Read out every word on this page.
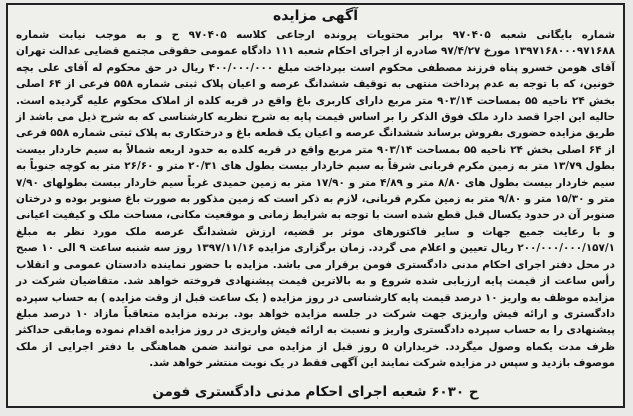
آگهی مزایده

شماره بایگانی شعبه ۹۷۰۴۰۵ برابر محتویات پرونده ارجاعی کلاسه ۹۷۰۴۰۵ ح و به موجب نیابت شماره ۱۳۹۷۱۶۸۰۰۰۹۷۱۶۸۸ مورخ ۹۷/۴/۲۷ صادره از اجرای احکام شعبه ۱۱۱ دادگاه عمومی حقوقی مجتمع قضایی عدالت تهران آقای هومن خسرو پناه فرزند مصطفی محکوم است بپرداخت مبلغ ۴۰۰/۰۰۰/۰۰۰ ریال در حق محکوم له آقای علی بچه خونین، که با توجه به عدم پرداخت منتهی به توقیف ششدانگ عرصه و اعیان پلاک ثبتی شماره ۵۵۸ فرعی از ۶۴ اصلی بخش ۲۴ ناحیه ۵۵ بمساحت ۹۰۳/۱۴ متر مربع دارای کاربری باغ واقع در قریه کلده از املاک محکوم علیه گردیده است. حالیه این اجرا قصد دارد ملک فوق الذکر را بر اساس قیمت پایه به شرح نظریه کارشناسی که به شرح ذیل می باشد از طریق مزایده حضوری بفروش برساند ششدانگ عرصه و اعیان یک قطعه باغ و درختکاری به پلاک ثبتی شماره ۵۵۸ فرعی از ۶۴ اصلی بخش ۲۴ ناحیه ۵۵ بمساحت ۹۰۳/۱۴ متر مربع واقع در قریه کلده به حدود اربعه شمالاً به سیم خاردار بیست بطول ۱۳/۷۹ متر به زمین مکرم قربانی شرقاً به سیم خاردار بیست بطول های ۲۰/۳۱ متر و ۲۶/۶۰ متر به کوچه جنوباً به سیم خاردار بیست بطول های ۸/۸۰ متر و ۴/۸۹ متر و ۱۷/۹۰ متر به زمین حمیدی غرباً سیم خاردار بیست بطولهای ۷/۹۰ متر و ۱۵/۳۰ متر و ۹/۸۰ متر به زمین مکرم قربانی، لازم به ذکر است که زمین مذکور به صورت باغ صنوبر بوده و درختان صنوبر آن در حدود یکسال قبل قطع شده است با توجه به شرایط زمانی و موقعیت مکانی، مساحت ملک و کیفیت اعیانی و با رعایت جمیع جهات و سایر فاکتورهای موثر بر قضیه، ارزش ششدانگ عرصه ملک مورد نظر به مبلغ ۲۰۰/۰۰۰/۰۰۰/۱۵۷/۱ ریال تعیین و اعلام می گردد. زمان برگزاری مزایده ۱۳۹۷/۱۱/۱۶ روز سه شنبه ساعت ۹ الی ۱۰ صبح در محل دفتر اجرای احکام مدنی دادگستری فومن برقرار می باشد. مزایده با حضور نماینده دادستان عمومی و انقلاب رأس ساعت از قیمت پایه ارزیابی شده شروع و به بالاترین قیمت پیشنهادی فروخته خواهد شد. متقاضیان شرکت در مزایده موظف به واریز ۱۰ درصد قیمت پایه کارشناسی در روز مزایده ( یک ساعت قبل از وقت مزایده ) به حساب سپرده دادگستری و ارائه فیش واریزی جهت شرکت در جلسه مزایده خواهد بود. برنده مزایده متعاقباً مازاد ۱۰ درصد مبلغ پیشنهادی را به حساب سپرده دادگستری واریز و نسبت به ارائه فیش واریزی در روز مزایده اقدام نموده ومابقی حداکثر ظرف مدت یکماه وصول میگردد. خریداران ۵ روز قبل از مزایده می توانند ضمن هماهنگی با دفتر اجرایی از ملک موصوف بازدید و سپس در مزایده شرکت نمایند این آگهی فقط در یک نوبت منتشر خواهد شد.

ح ۶۰۳۰ شعبه اجرای احکام مدنی دادگستری فومن
